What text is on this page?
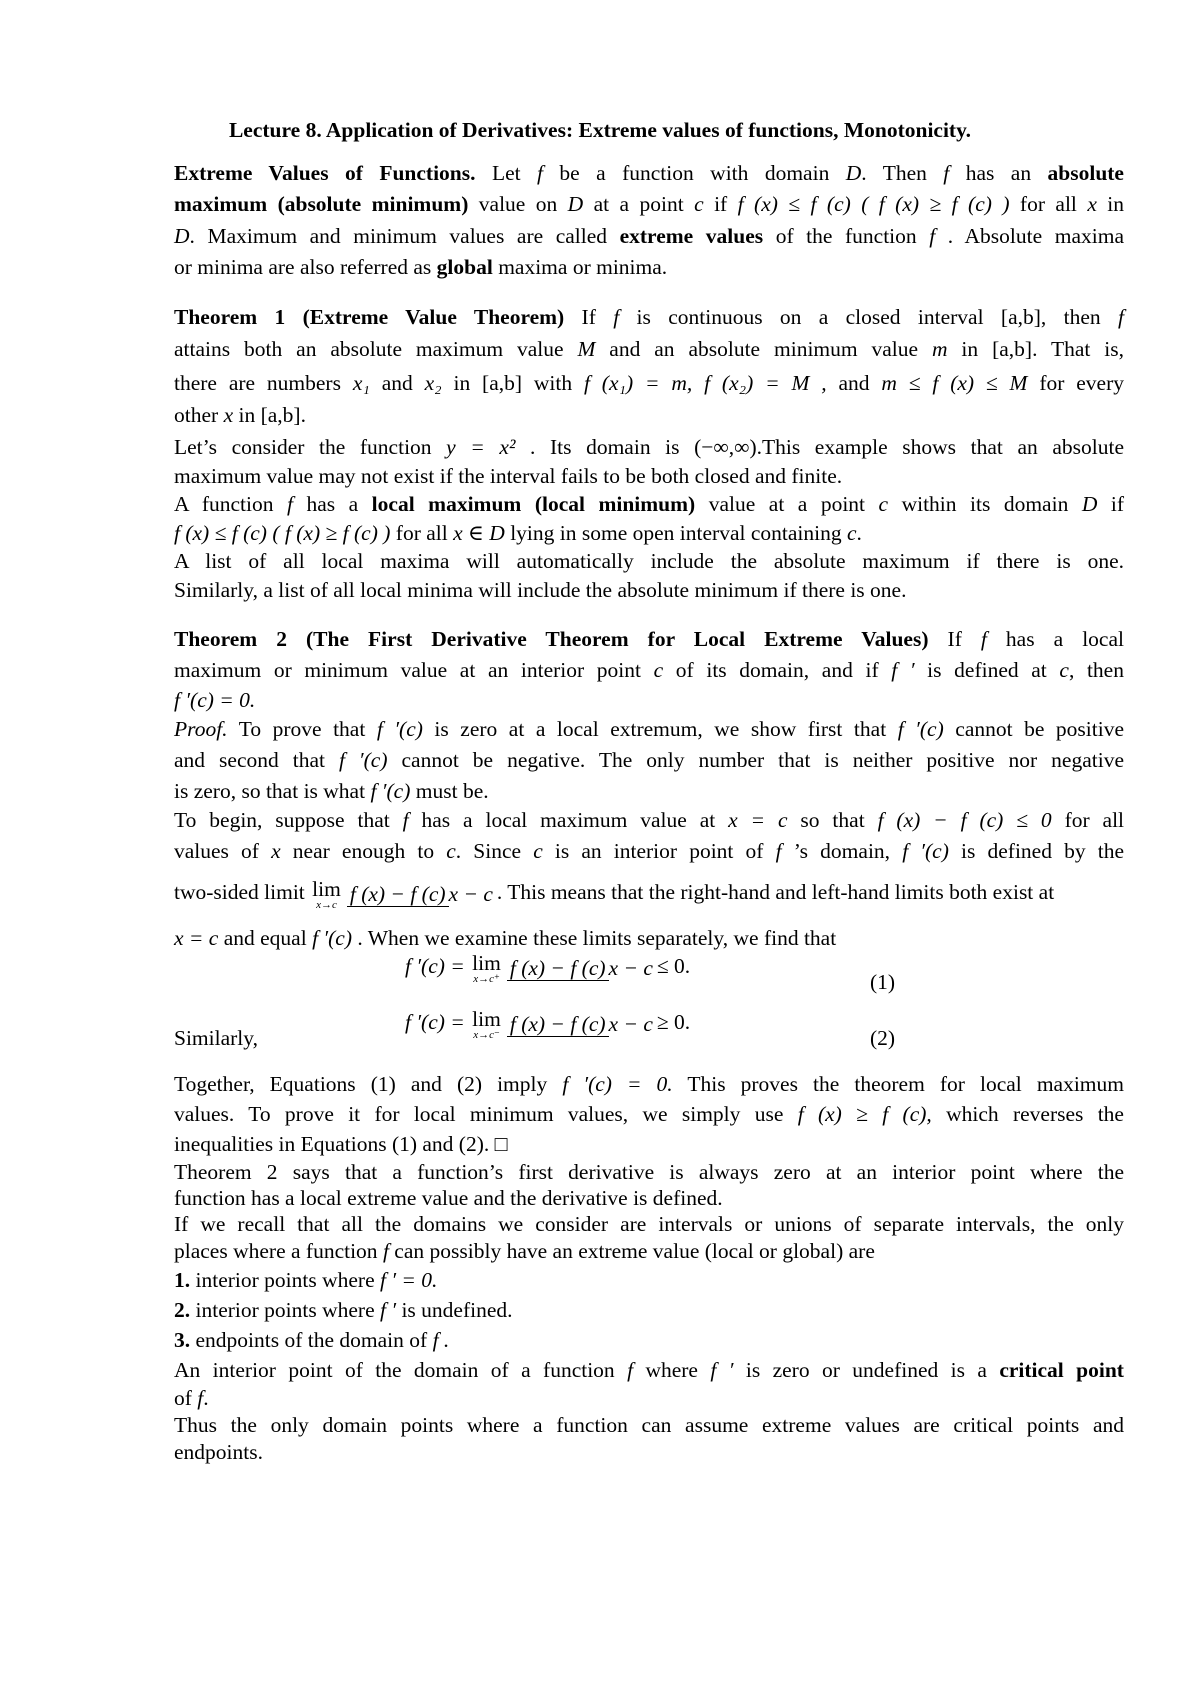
Lecture 8. Application of Derivatives: Extreme values of functions, Monotonicity.
Extreme Values of Functions. Let f be a function with domain D. Then f has an absolute
maximum (absolute minimum) value on D at a point c if f (x) ≤ f (c) ( f (x) ≥ f (c) ) for all x in
D. Maximum and minimum values are called extreme values of the function f . Absolute maxima
or minima are also referred as global maxima or minima.
Theorem 1 (Extreme Value Theorem) If f is continuous on a closed interval [a,b], then f
attains both an absolute maximum value M and an absolute minimum value m in [a,b]. That is,
there are numbers x₁ and x₂ in [a,b] with f (x₁) = m, f (x₂) = M , and m ≤ f (x) ≤ M for every
other x in [a,b].
Let’s consider the function y = x² . Its domain is (−∞,∞).This example shows that an absolute
maximum value may not exist if the interval fails to be both closed and finite.
A function f has a local maximum (local minimum) value at a point c within its domain D if
f (x) ≤ f (c) ( f (x) ≥ f (c) ) for all x ∈ D lying in some open interval containing c.
A list of all local maxima will automatically include the absolute maximum if there is one.
Similarly, a list of all local minima will include the absolute minimum if there is one.
Theorem 2 (The First Derivative Theorem for Local Extreme Values) If f has a local
maximum or minimum value at an interior point c of its domain, and if f ′ is defined at c, then
f ′(c) = 0.
Proof. To prove that f ′(c) is zero at a local extremum, we show first that f ′(c) cannot be positive
and second that f ′(c) cannot be negative. The only number that is neither positive nor negative
is zero, so that is what f ′(c) must be.
To begin, suppose that f has a local maximum value at x = c so that f (x) − f (c) ≤ 0 for all
values of x near enough to c. Since c is an interior point of f ’s domain, f ′(c) is defined by the
two-sided limit lim
x→c f (x) − f (c) x − c . This means that the right-hand and left-hand limits both exist at
x = c and equal f ′(c) . When we examine these limits separately, we find that
f ′(c) = lim
x→c⁺ f (x) − f (c) x − c ≤ 0.
(1)
Similarly,
f ′(c) = lim
x→c⁻ f (x) − f (c) x − c ≥ 0.
(2)
Together, Equations (1) and (2) imply f ′(c) = 0. This proves the theorem for local maximum
values. To prove it for local minimum values, we simply use f (x) ≥ f (c), which reverses the
inequalities in Equations (1) and (2). □
Theorem 2 says that a function’s first derivative is always zero at an interior point where the
function has a local extreme value and the derivative is defined.
If we recall that all the domains we consider are intervals or unions of separate intervals, the only
places where a function f can possibly have an extreme value (local or global) are
1. interior points where f ′ = 0.
2. interior points where f ′ is undefined.
3. endpoints of the domain of f .
An interior point of the domain of a function f where f ′ is zero or undefined is a critical point
of f.
Thus the only domain points where a function can assume extreme values are critical points and
endpoints.
